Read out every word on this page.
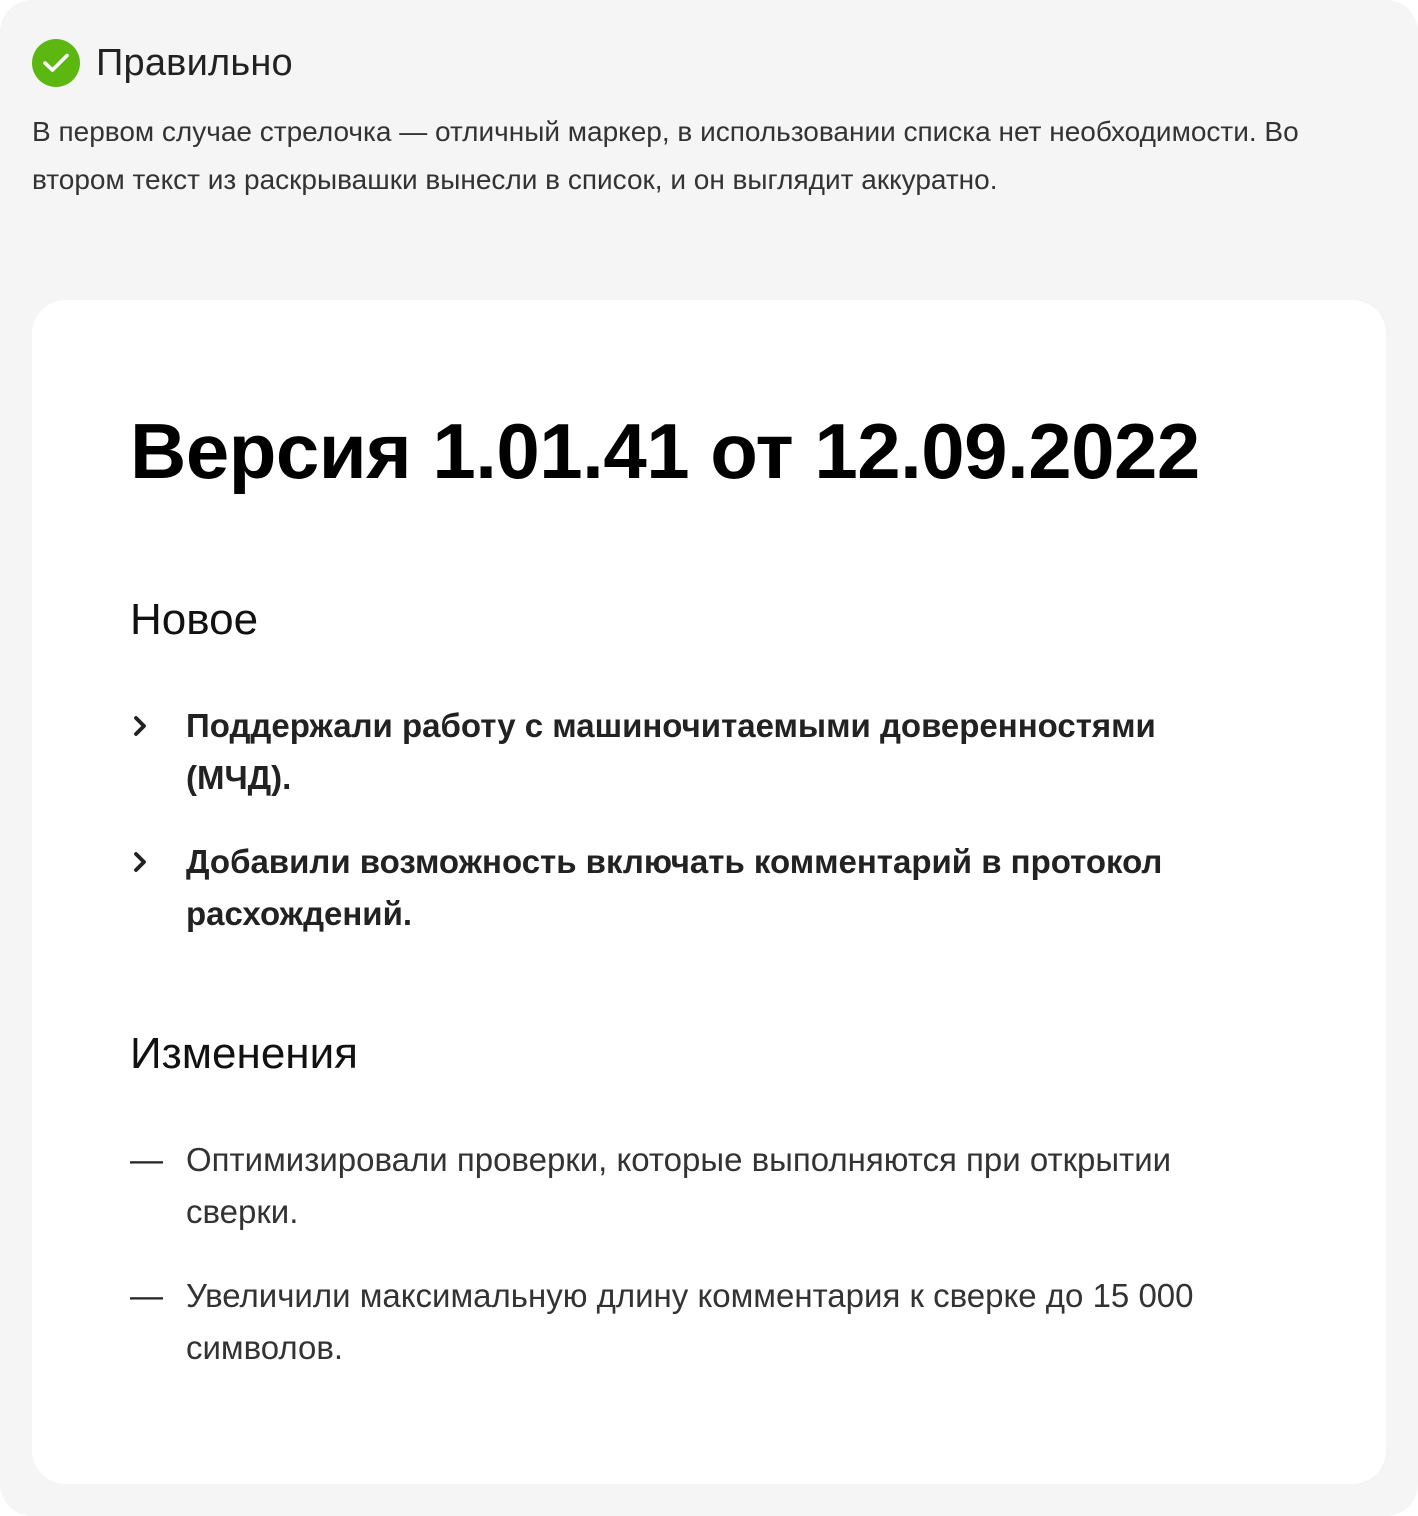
Правильно

В первом случае стрелочка — отличный маркер, в использовании списка нет необходимости. Во втором текст из раскрывашки вынесли в список, и он выглядит аккуратно.

Версия 1.01.41 от 12.09.2022
Новое
Поддержали работу с машиночитаемыми доверенностями (МЧД).
Добавили возможность включать комментарий в протокол расхождений.
Изменения
— Оптимизировали проверки, которые выполняются при открытии сверки.
— Увеличили максимальную длину комментария к сверке до 15 000 символов.
